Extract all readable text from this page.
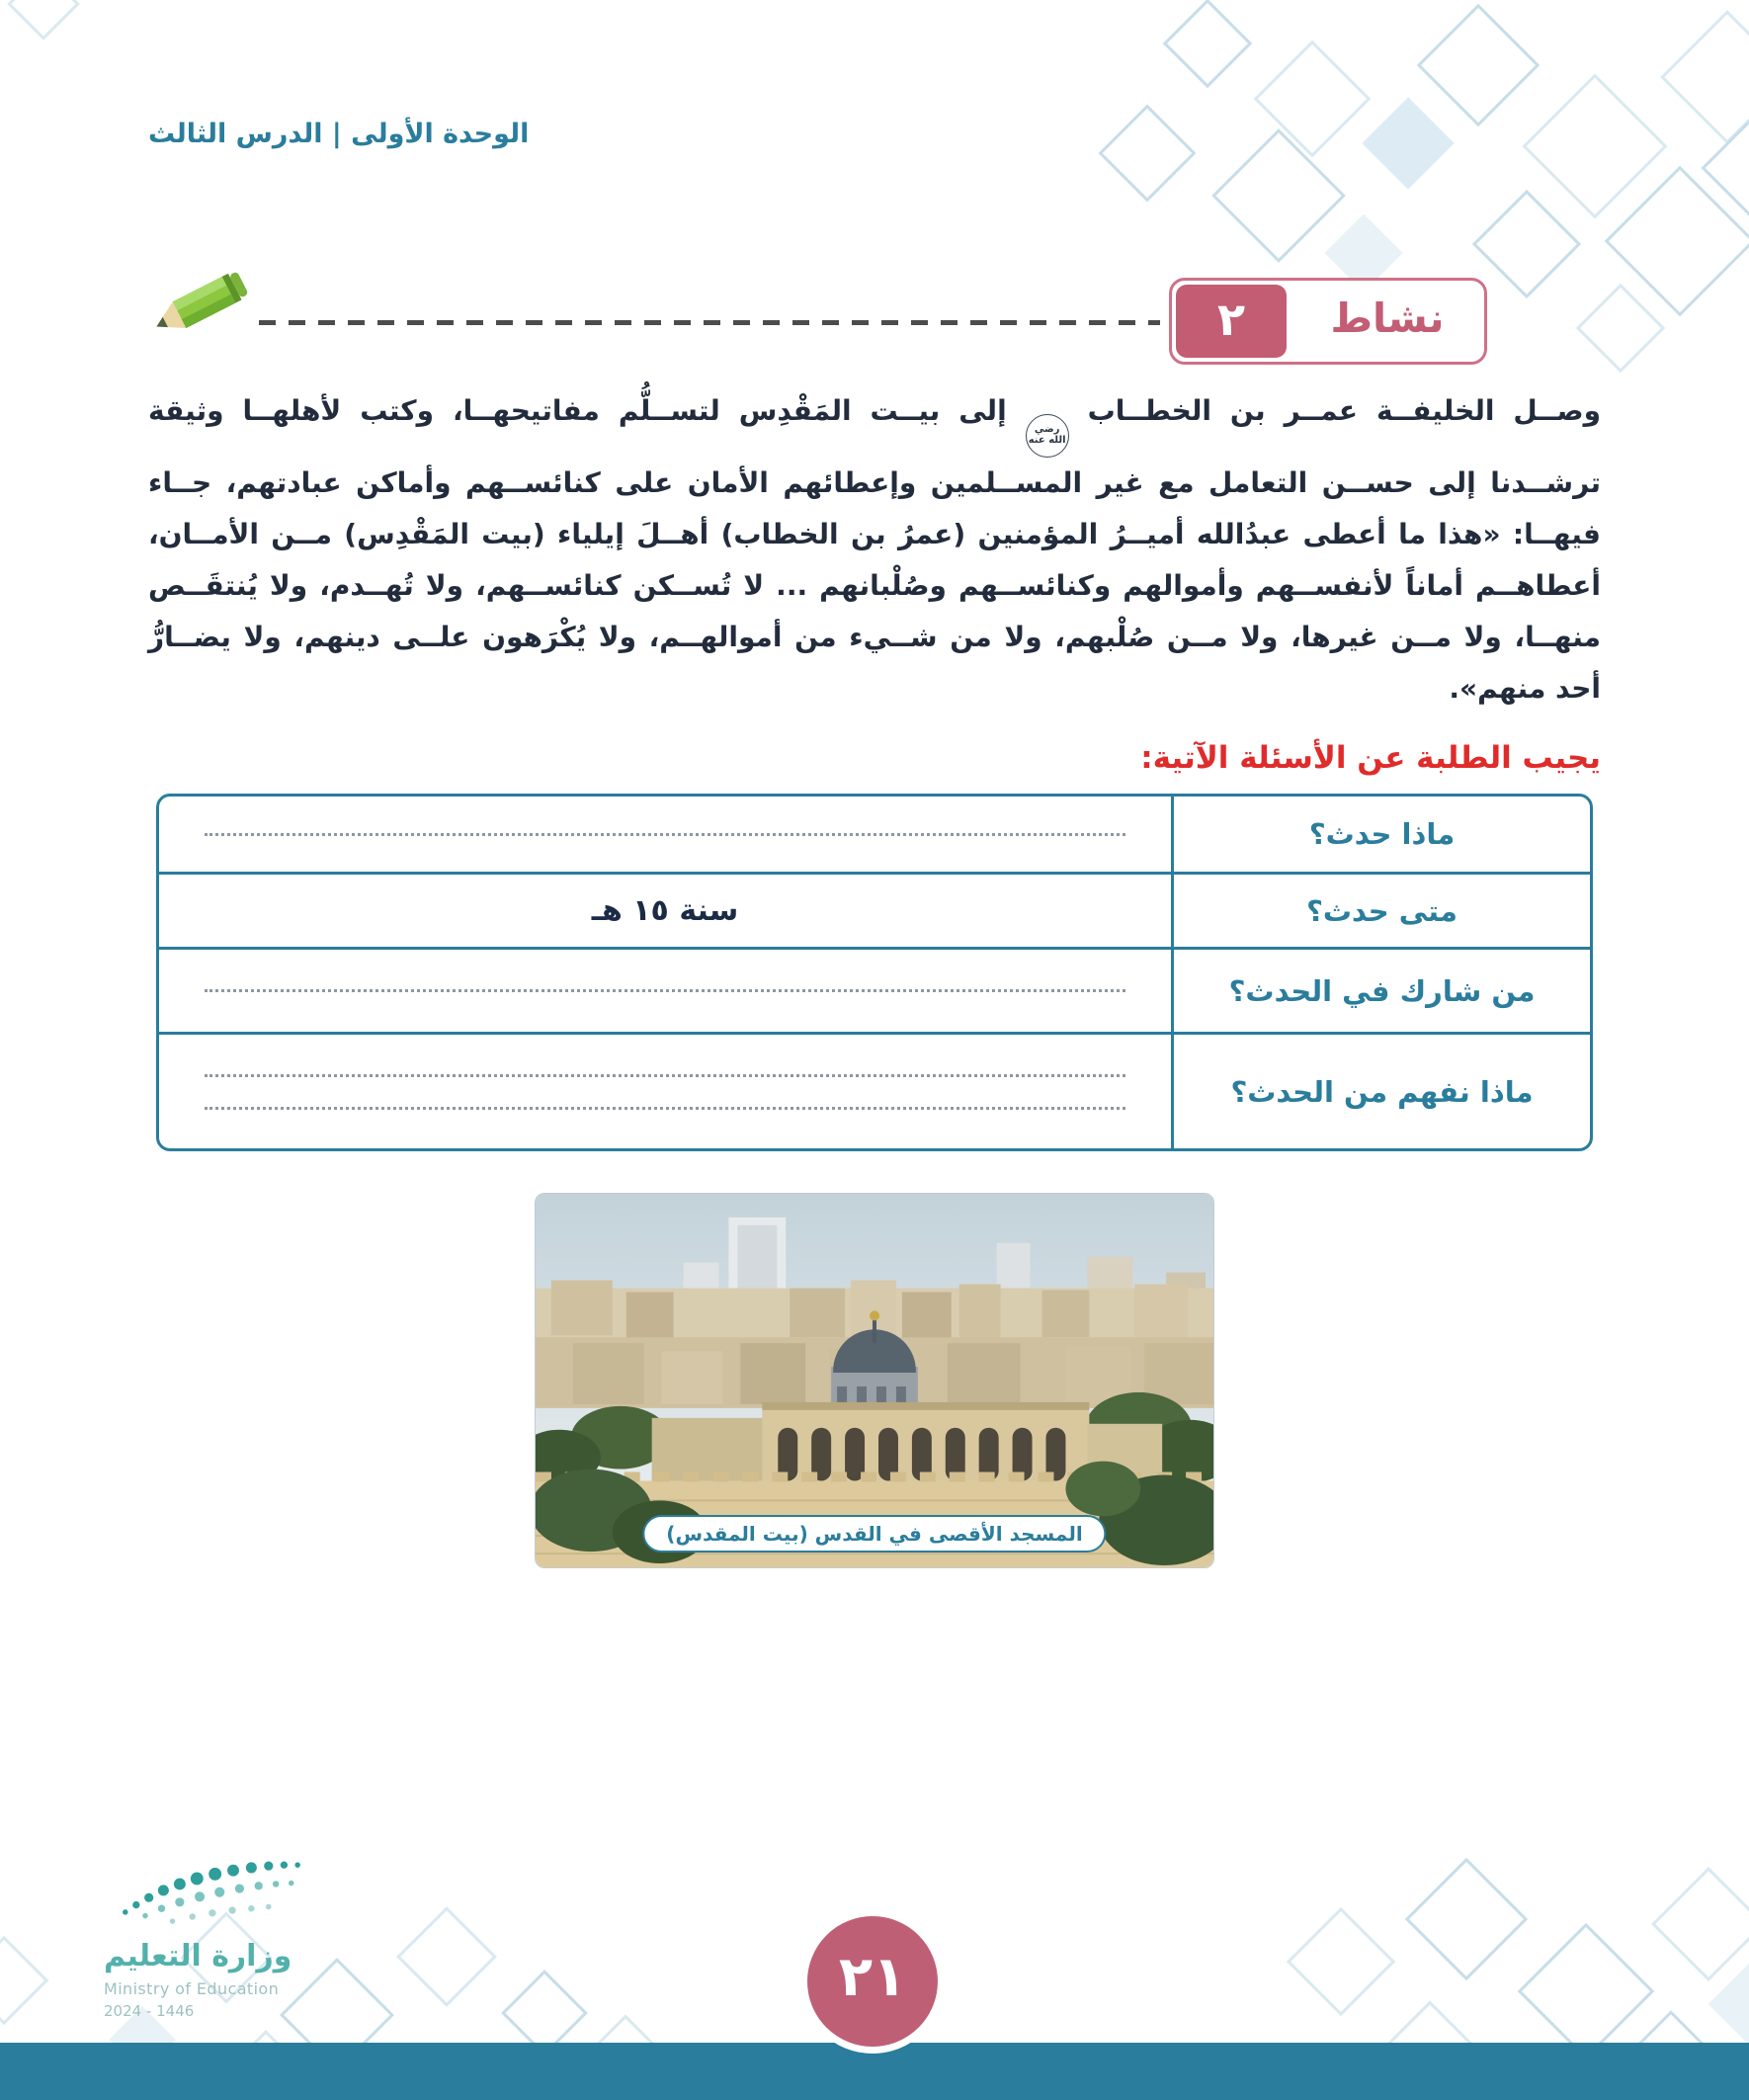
الوحدة الأولى | الدرس الثالث
٢	نشاط

وصــل الخليفــة عمــر بن الخطــاب رضي الله عنه إلى بيــت المَقْدِس لتســلُّم مفاتيحهــا، وكتب لأهلهــا وثيقة ترشــدنا إلى حســن التعامل مع غير المســلمين وإعطائهم الأمان على كنائســهم وأماكن عبادتهم، جــاء فيهــا: «هذا ما أعطى عبدُالله أميــرُ المؤمنين (عمرُ بن الخطاب) أهــلَ إيلياء (بيت المَقْدِس) مــن الأمــان، أعطاهــم أماناً لأنفســهم وأموالهم وكنائســهم وصُلْبانهم ... لا تُســكن كنائســهم، ولا تُهــدم، ولا يُنتقَــص منهــا، ولا مــن غيرها، ولا مــن صُلْبهم، ولا من شــيء من أموالهــم، ولا يُكْرَهون علــى دينهم، ولا يضــارُّ أحد منهم».

يجيب الطلبة عن الأسئلة الآتية:
ماذا حدث؟
متى حدث؟
سنة ١٥ هـ
من شارك في الحدث؟
ماذا نفهم من الحدث؟
المسجد الأقصى في القدس (بيت المقدس)
وزارة التعليم
Ministry of Education
2024 - 1446
٢١
